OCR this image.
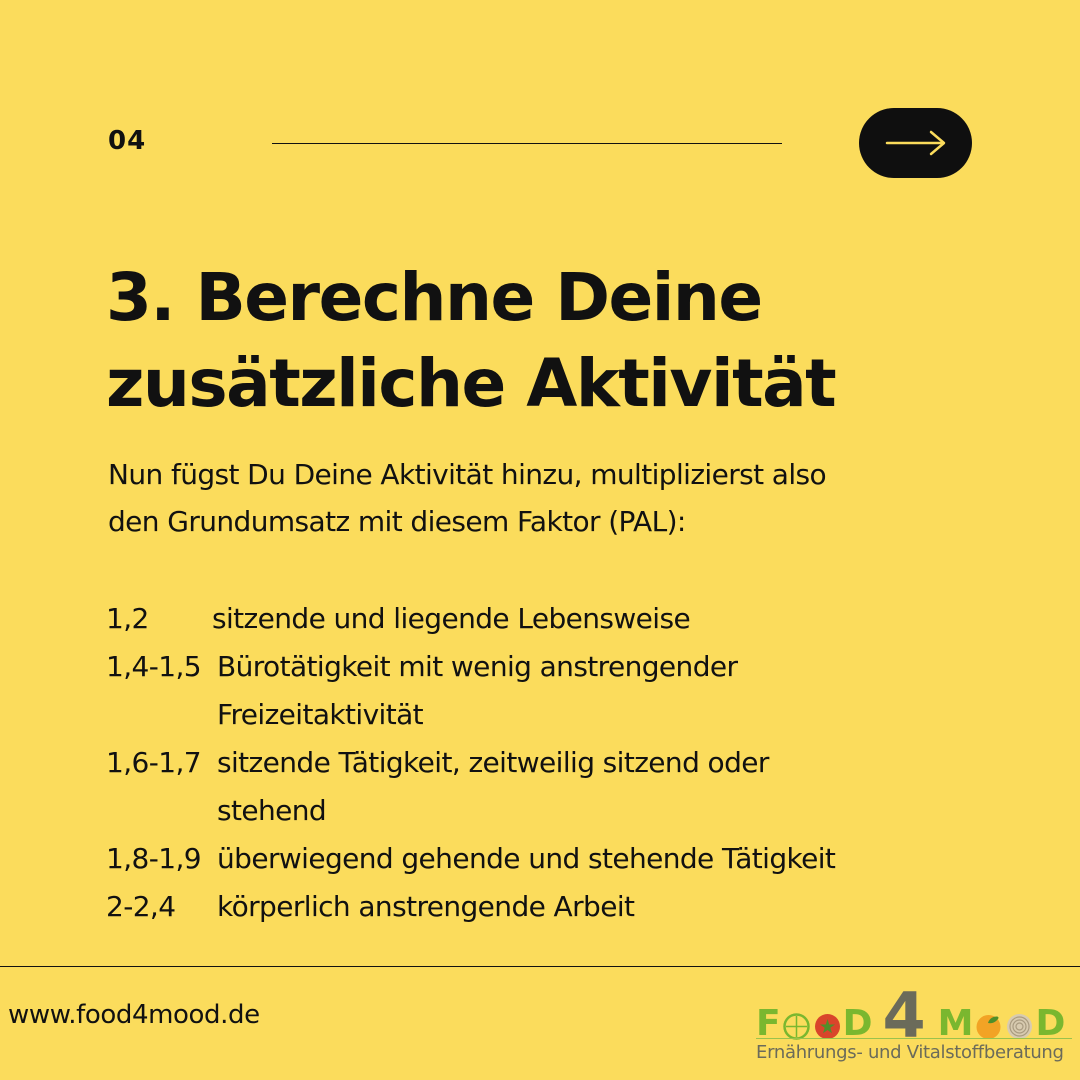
04
3. Berechne Deine
zusätzliche Aktivität
Nun fügst Du Deine Aktivität hinzu, multiplizierst also
den Grundumsatz mit diesem Faktor (PAL):
1,2 sitzende und liegende Lebensweise
1,4-1,5 Bürotätigkeit mit wenig anstrengender
Freizeitaktivität
1,6-1,7 sitzende Tätigkeit, zeitweilig sitzend oder
stehend
1,8-1,9 überwiegend gehende und stehende Tätigkeit
2-2,4 körperlich anstrengende Arbeit
www.food4mood.de	F D 4 M D
Ernährungs- und Vitalstoffberatung
